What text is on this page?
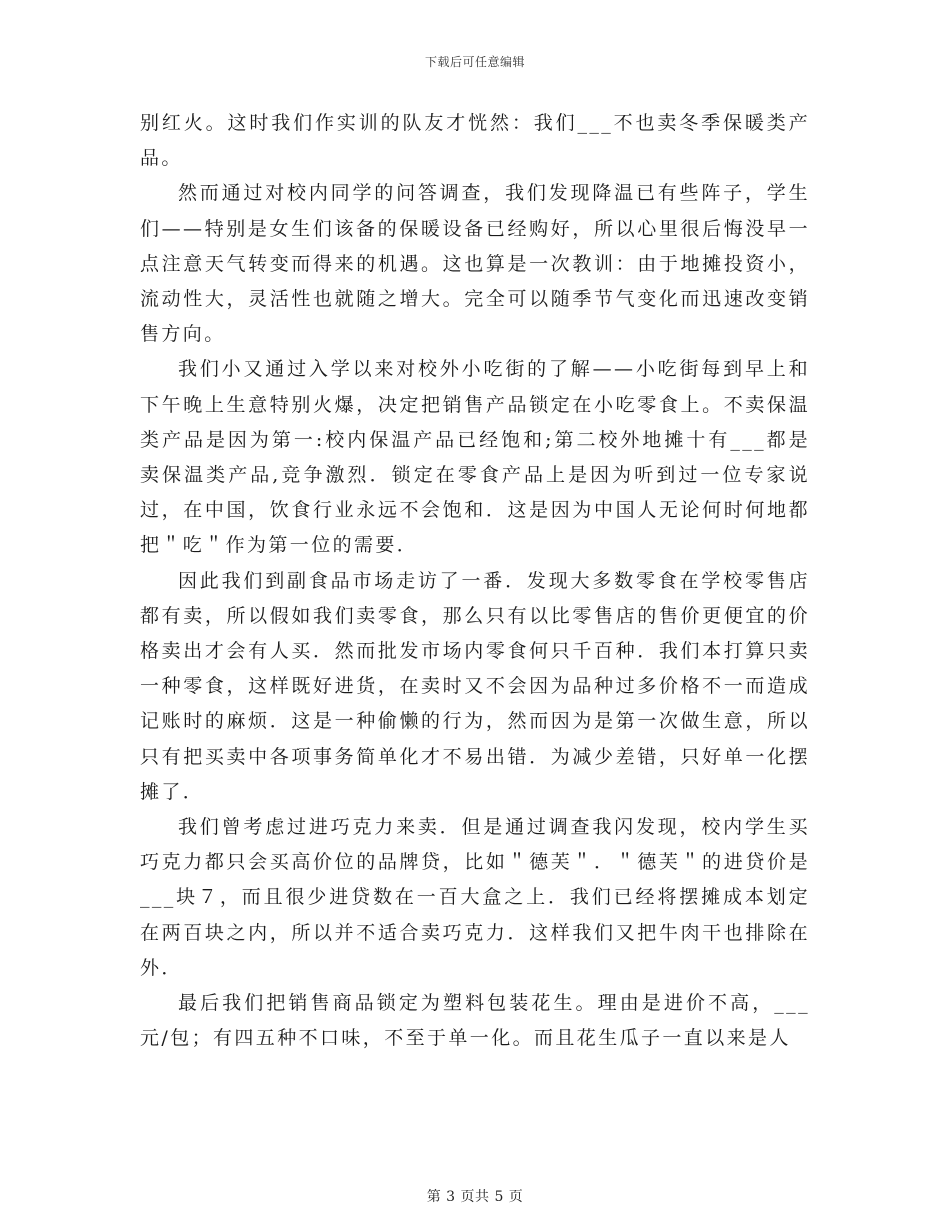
下载后可任意编辑

别红火。这时我们作实训的队友才恍然：我们___不也卖冬季保暖类产品。

然而通过对校内同学的问答调查，我们发现降温已有些阵子，学生们——特别是女生们该备的保暖设备已经购好，所以心里很后悔没早一点注意天气转变而得来的机遇。这也算是一次教训：由于地摊投资小，流动性大，灵活性也就随之增大。完全可以随季节气变化而迅速改变销售方向。

我们小又通过入学以来对校外小吃街的了解——小吃街每到早上和下午晚上生意特别火爆，决定把销售产品锁定在小吃零食上。不卖保温类产品是因为第一:校内保温产品已经饱和;第二校外地摊十有___都是卖保温类产品,竞争激烈．锁定在零食产品上是因为听到过一位专家说过，在中国，饮食行业永远不会饱和．这是因为中国人无论何时何地都把＂吃＂作为第一位的需要．

因此我们到副食品市场走访了一番．发现大多数零食在学校零售店都有卖，所以假如我们卖零食，那么只有以比零售店的售价更便宜的价格卖出才会有人买．然而批发市场内零食何只千百种．我们本打算只卖一种零食，这样既好进货，在卖时又不会因为品种过多价格不一而造成记账时的麻烦．这是一种偷懒的行为，然而因为是第一次做生意，所以只有把买卖中各项事务简单化才不易出错．为减少差错，只好单一化摆摊了．

我们曾考虑过进巧克力来卖．但是通过调查我闪发现，校内学生买巧克力都只会买高价位的品牌贷，比如＂德芙＂．＂德芙＂的进贷价是___块７，而且很少进贷数在一百大盒之上．我们已经将摆摊成本划定在两百块之内，所以并不适合卖巧克力．这样我们又把牛肉干也排除在外．

最后我们把销售商品锁定为塑料包装花生。理由是进价不高，___元/包；有四五种不口味，不至于单一化。而且花生瓜子一直以来是人

第 3 页共 5 页
